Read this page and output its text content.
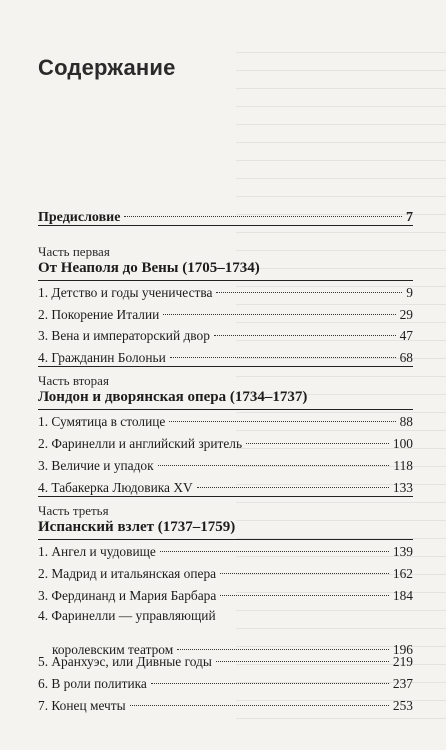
Содержание
Предисловие	7
Часть первая
От Неаполя до Вены (1705–1734)
1. Детство и годы ученичества	9
2. Покорение Италии	29
3. Вена и императорский двор	47
4. Гражданин Болоньи	68
Часть вторая
Лондон и дворянская опера (1734–1737)
1. Сумятица в столице	88
2. Фаринелли и английский зритель	100
3. Величие и упадок	118
4. Табакерка Людовика XV	133
Часть третья
Испанский взлет (1737–1759)
1. Ангел и чудовище	139
2. Мадрид и итальянская опера	162
3. Фердинанд и Мария Барбара	184
4. Фаринелли — управляющий
королевским театром	196
5. Аранхуэс, или Дивные годы	219
6. В роли политика	237
7. Конец мечты	253
